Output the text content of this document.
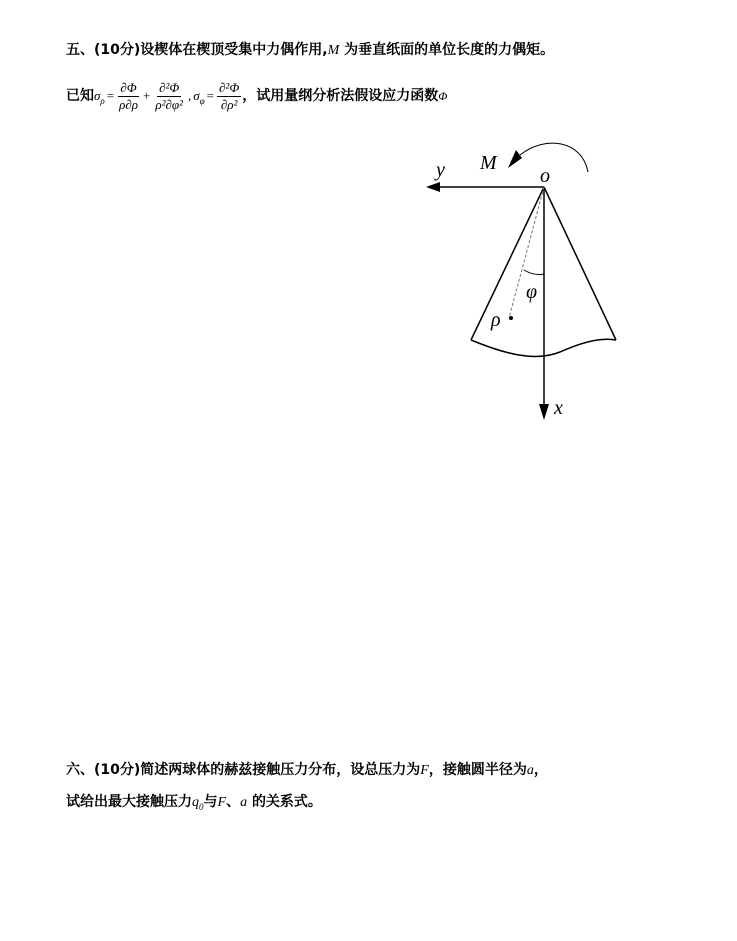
五、(10分)设楔体在楔顶受集中力偶作用,M 为垂直纸面的单位长度的力偶矩。
已知 $\sigma_\rho = \frac{\partial\Phi}{\rho\partial\rho} + \frac{\text{∂²Φ}}{\text{ρ²∂φ²}}$ , $\sigma_\varphi = \frac{\text{∂²Φ}}{\text{∂ρ²}}$ ，试用量纲分析法假设应力函数 Φ
y M
o
φ
ρ
x
六、(10分)简述两球体的赫兹接触压力分布，设总压力为F，接触圆半径为a，
试给出最大接触压力$q_0$与F、a 的关系式。
